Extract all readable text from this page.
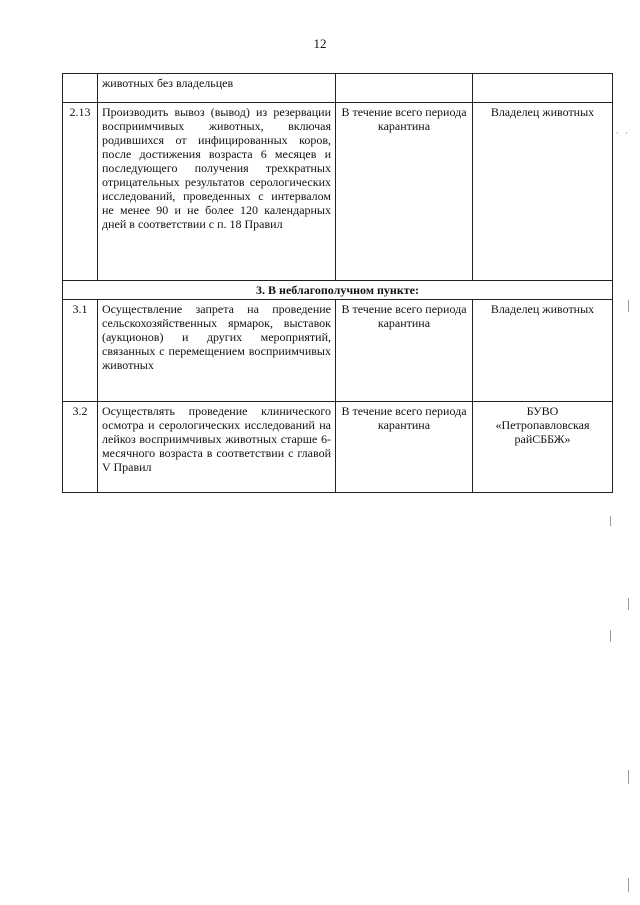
12
	животных без владельцев		
2.13	Производить вывоз (вывод) из резервации восприимчивых животных, включая родившихся от инфицированных коров, после достижения возраста 6 месяцев и последующего получения трехкратных отрицательных результатов серологических исследований, проведенных с интервалом не менее 90 и не более 120 календарных дней в соответствии с п. 18 Правил	В течение всего периода карантина	Владелец животных
3. В неблагополучном пункте:			
3.1	Осуществление запрета на проведение сельскохозяйственных ярмарок, выставок (аукционов) и других мероприятий, связанных с перемещением восприимчивых животных	В течение всего периода карантина	Владелец животных
3.2	Осуществлять проведение клинического осмотра и серологических исследований на лейкоз восприимчивых животных старше 6-месячного возраста в соответствии с главой V Правил	В течение всего периода карантина	БУВО
«Петропавловская
райСББЖ»
· ·
